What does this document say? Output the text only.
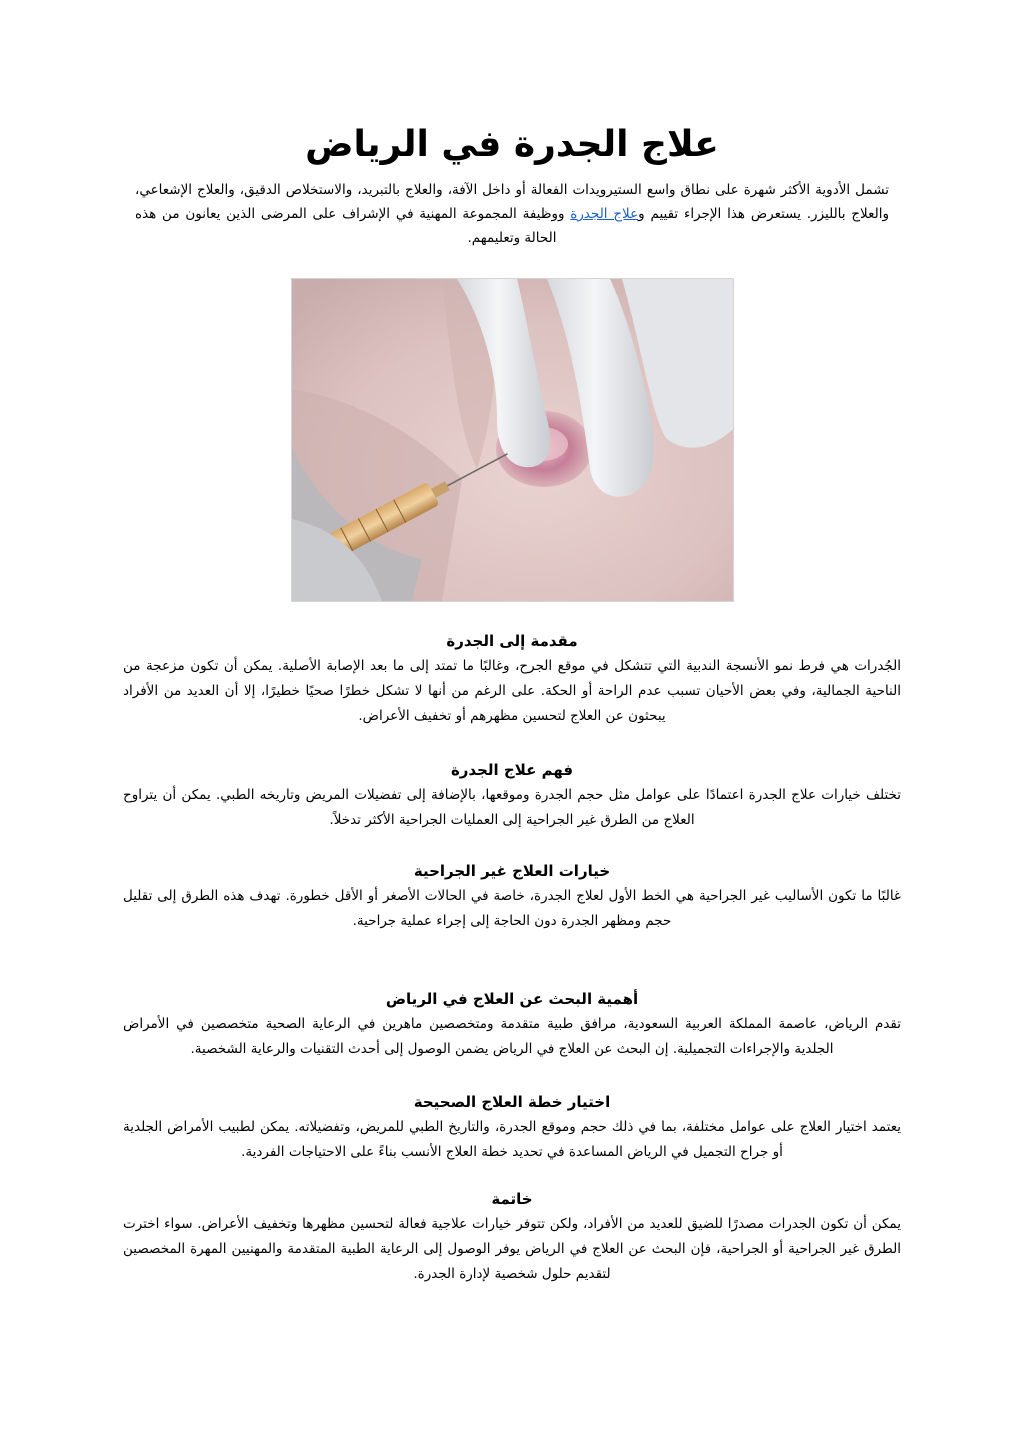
علاج الجدرة في الرياض

تشمل الأدوية الأكثر شهرة على نطاق واسع الستيرويدات الفعالة أو داخل الآفة، والعلاج بالتبريد، والاستخلاص الدقيق، والعلاج الإشعاعي، والعلاج بالليزر. يستعرض هذا الإجراء تقييم وعلاج الجدرة ووظيفة المجموعة المهنية في الإشراف على المرضى الذين يعانون من هذه الحالة وتعليمهم.

مقدمة إلى الجدرة

الجُدرات هي فرط نمو الأنسجة الندبية التي تتشكل في موقع الجرح، وغالبًا ما تمتد إلى ما بعد الإصابة الأصلية. يمكن أن تكون مزعجة من الناحية الجمالية، وفي بعض الأحيان تسبب عدم الراحة أو الحكة. على الرغم من أنها لا تشكل خطرًا صحيًا خطيرًا، إلا أن العديد من الأفراد يبحثون عن العلاج لتحسين مظهرهم أو تخفيف الأعراض.

فهم علاج الجدرة

تختلف خيارات علاج الجدرة اعتمادًا على عوامل مثل حجم الجدرة وموقعها، بالإضافة إلى تفضيلات المريض وتاريخه الطبي. يمكن أن يتراوح العلاج من الطرق غير الجراحية إلى العمليات الجراحية الأكثر تدخلاً.

خيارات العلاج غير الجراحية

غالبًا ما تكون الأساليب غير الجراحية هي الخط الأول لعلاج الجدرة، خاصة في الحالات الأصغر أو الأقل خطورة. تهدف هذه الطرق إلى تقليل حجم ومظهر الجدرة دون الحاجة إلى إجراء عملية جراحية.

أهمية البحث عن العلاج في الرياض

تقدم الرياض، عاصمة المملكة العربية السعودية، مرافق طبية متقدمة ومتخصصين ماهرين في الرعاية الصحية متخصصين في الأمراض الجلدية والإجراءات التجميلية. إن البحث عن العلاج في الرياض يضمن الوصول إلى أحدث التقنيات والرعاية الشخصية.

اختيار خطة العلاج الصحيحة

يعتمد اختيار العلاج على عوامل مختلفة، بما في ذلك حجم وموقع الجدرة، والتاريخ الطبي للمريض، وتفضيلاته. يمكن لطبيب الأمراض الجلدية أو جراح التجميل في الرياض المساعدة في تحديد خطة العلاج الأنسب بناءً على الاحتياجات الفردية.

خاتمة

يمكن أن تكون الجدرات مصدرًا للضيق للعديد من الأفراد، ولكن تتوفر خيارات علاجية فعالة لتحسين مظهرها وتخفيف الأعراض. سواء اخترت الطرق غير الجراحية أو الجراحية، فإن البحث عن العلاج في الرياض يوفر الوصول إلى الرعاية الطبية المتقدمة والمهنيين المهرة المخصصين لتقديم حلول شخصية لإدارة الجدرة.
